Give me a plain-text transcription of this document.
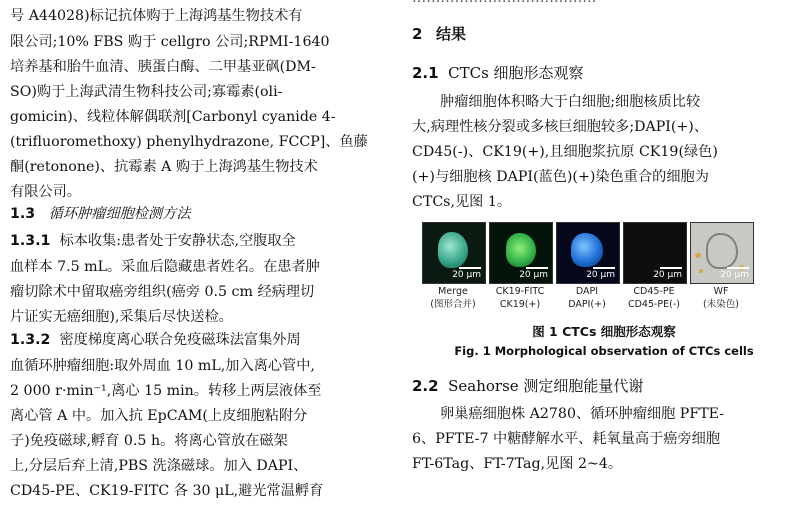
号 A44028)标记抗体购于上海鸿基生物技术有
限公司;10% FBS 购于 cellgro 公司;RPMI-1640
培养基和胎牛血清、胰蛋白酶、二甲基亚砜(DM-
SO)购于上海武清生物科技公司;寡霉素(oli-
gomicin)、线粒体解偶联剂[Carbonyl cyanide 4-
(trifluoromethoxy) phenylhydrazone, FCCP]、鱼藤
酮(retonone)、抗霉素 A 购于上海鸿基生物技术
有限公司。
1.3 循环肿瘤细胞检测方法
1.3.1 标本收集:患者处于安静状态,空腹取全
血样本 7.5 mL。采血后隐藏患者姓名。在患者肿
瘤切除术中留取癌旁组织(癌旁 0.5 cm 经病理切
片证实无癌细胞),采集后尽快送检。
1.3.2 密度梯度离心联合免疫磁珠法富集外周
血循环肿瘤细胞:取外周血 10 mL,加入离心管中,
2 000 r·min⁻¹,离心 15 min。转移上两层液体至
离心管 A 中。加入抗 EpCAM(上皮细胞粘附分
子)免疫磁球,孵育 0.5 h。将离心管放在磁架
上,分层后弃上清,PBS 洗涤磁球。加入 DAPI、
CD45-PE、CK19-FITC 各 30 μL,避光常温孵育
2 结果
2.1 CTCs 细胞形态观察
肿瘤细胞体积略大于白细胞;细胞核质比较
大,病理性核分裂或多核巨细胞较多;DAPI(+)、
CD45(-)、CK19(+),且细胞浆抗原 CK19(绿色)
(+)与细胞核 DAPI(蓝色)(+)染色重合的细胞为
CTCs,见图 1。
2.2 Seahorse 测定细胞能量代谢
卵巢癌细胞株 A2780、循环肿瘤细胞 PFTE-
6、PFTE-7 中糖酵解水平、耗氧量高于癌旁细胞
FT-6Tag、FT-7Tag,见图 2~4。
20 μm	20 μm	20 μm	20 μm	20 μm
Merge
(图形合并)
CK19-FITC
CK19(+)
DAPI
DAPI(+)
CD45-PE
CD45-PE(-)
WF
(未染色)
图 1 CTCs 细胞形态观察
Fig. 1 Morphological observation of CTCs cells
